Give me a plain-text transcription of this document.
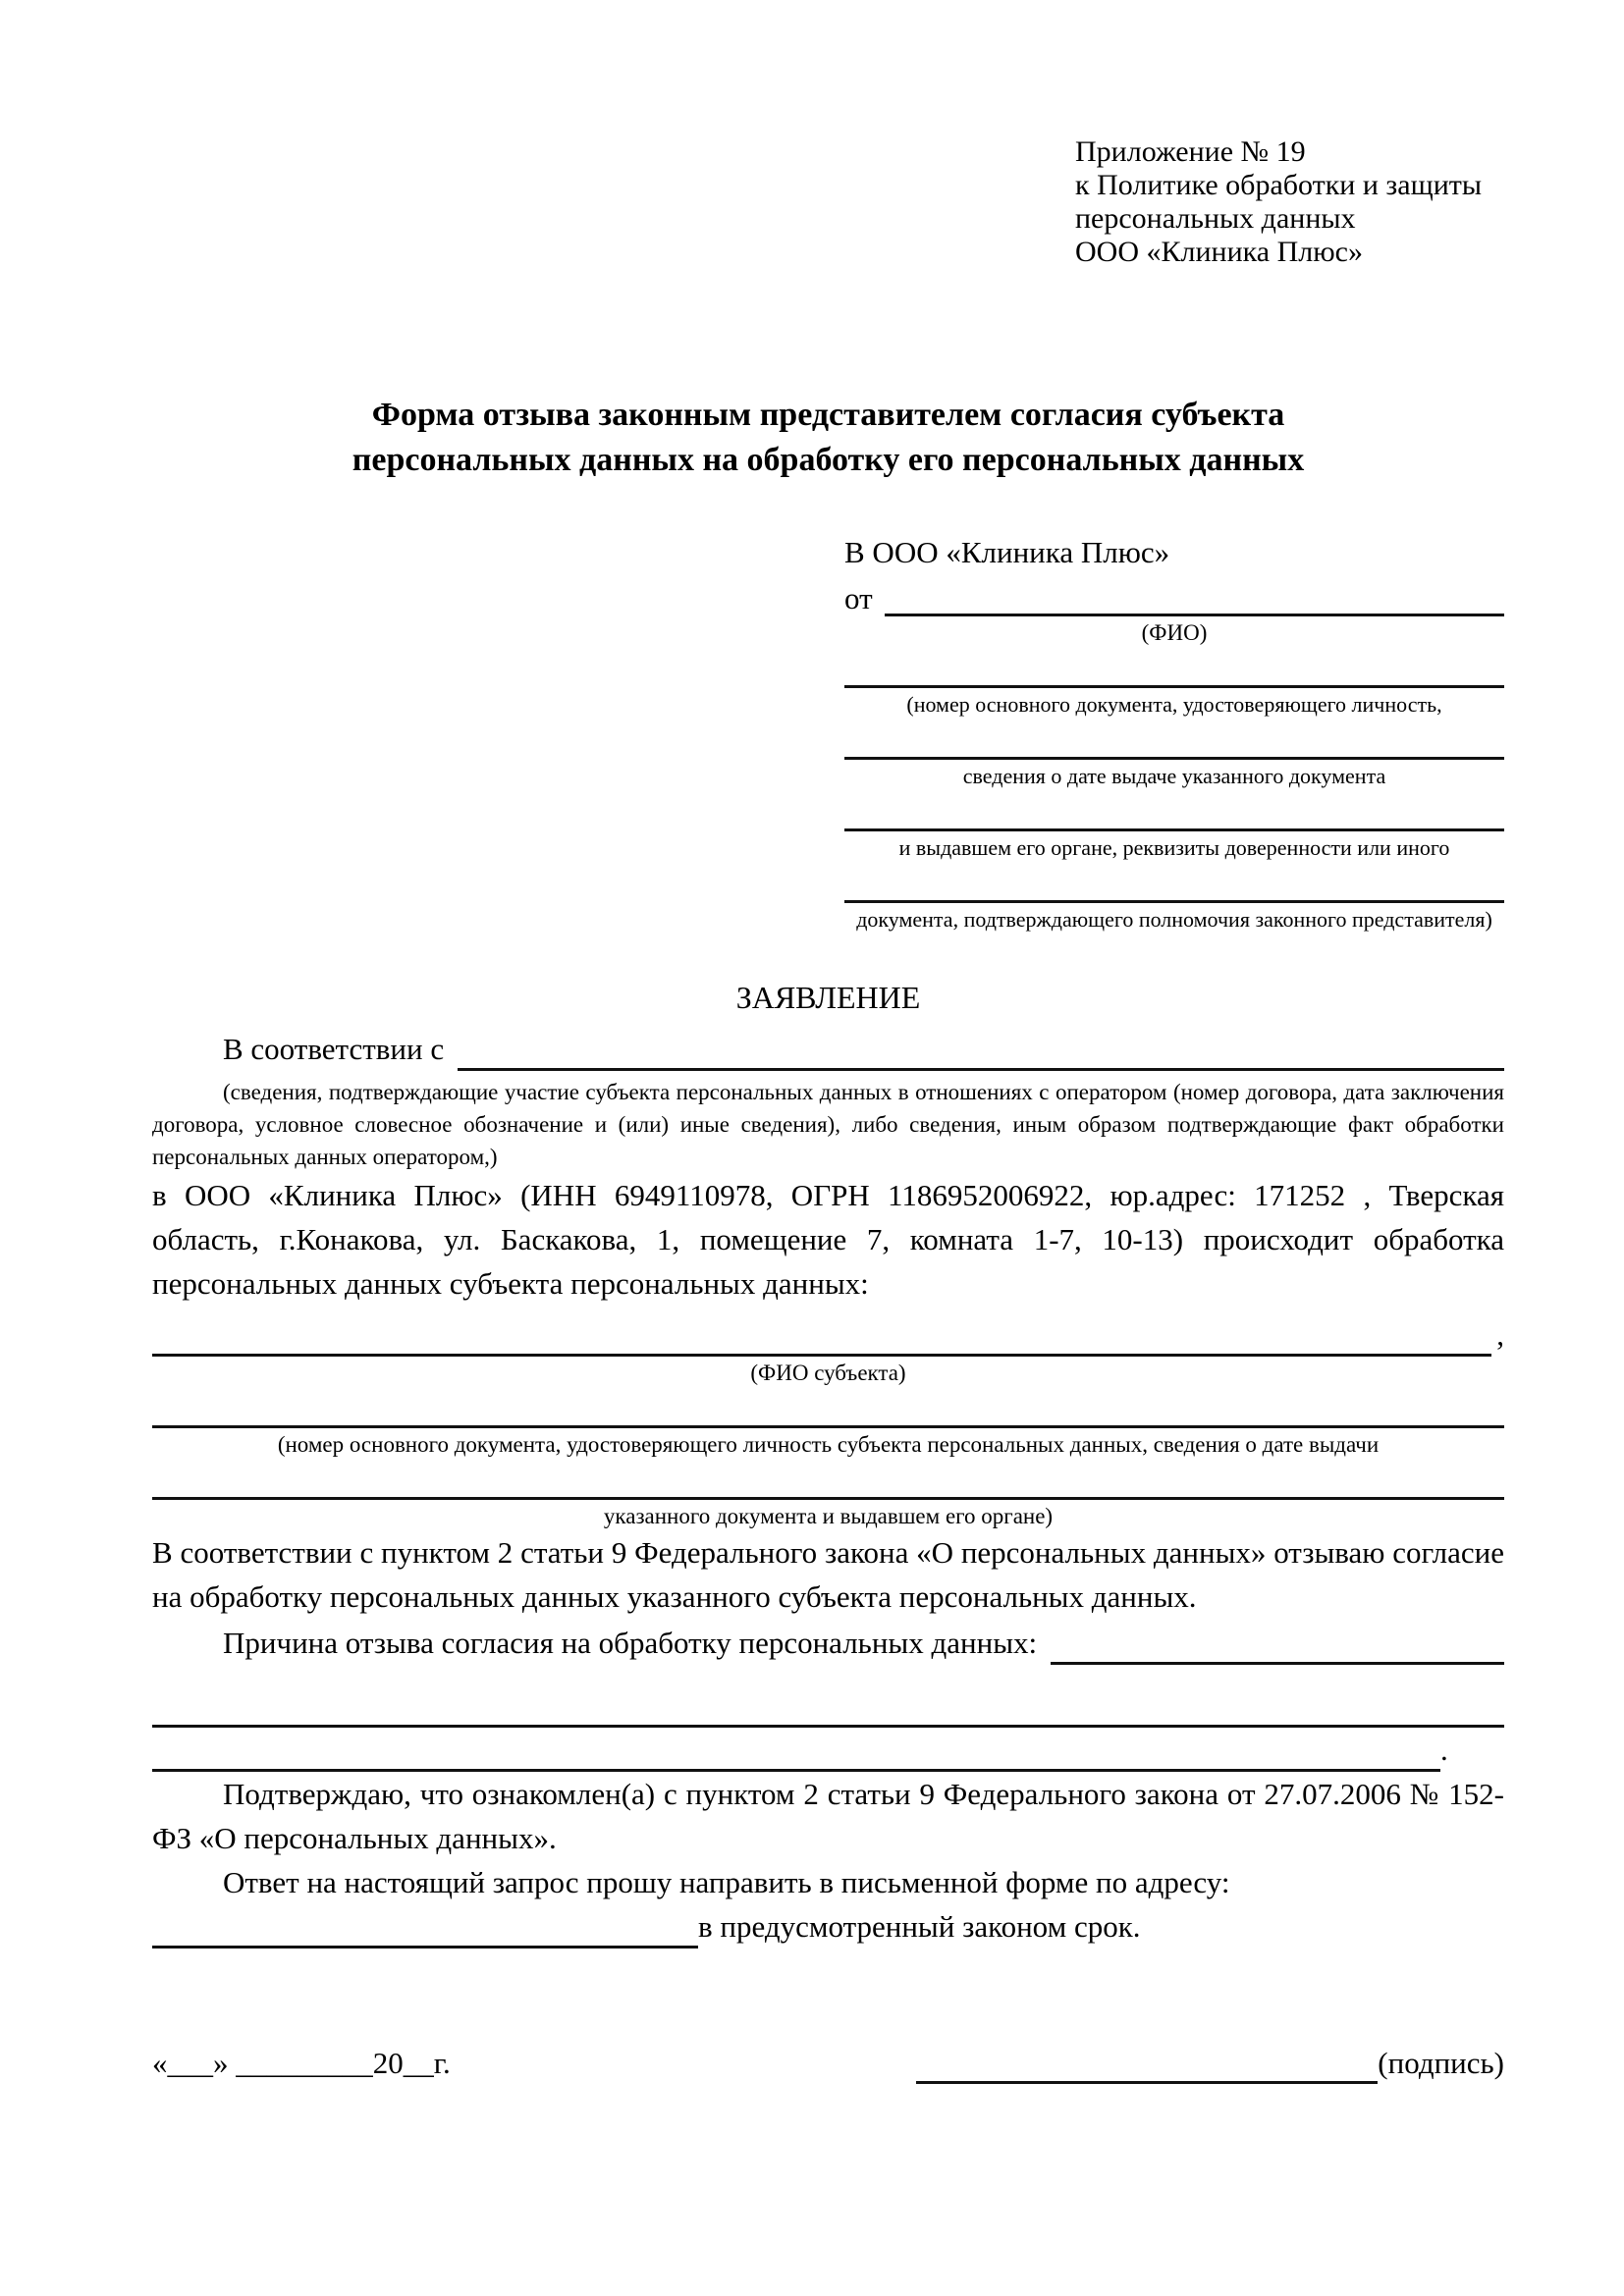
Приложение № 19
к Политике обработки и защиты
персональных данных
ООО «Клиника Плюс»
Форма отзыва законным представителем согласия субъекта персональных данных на обработку его персональных данных
В ООО «Клиника Плюс»
от
(ФИО)
(номер основного документа, удостоверяющего личность,
сведения о дате выдаче указанного документа
и выдавшем его органе, реквизиты доверенности или иного
документа, подтверждающего полномочия законного представителя)
ЗАЯВЛЕНИЕ
В соответствии с
(сведения, подтверждающие участие субъекта персональных данных в отношениях с оператором (номер договора, дата заключения договора, условное словесное обозначение и (или) иные сведения), либо сведения, иным образом подтверждающие факт обработки персональных данных оператором,)
в ООО «Клиника Плюс» (ИНН 6949110978, ОГРН 1186952006922, юр.адрес: 171252 , Тверская область, г.Конакова, ул. Баскакова, 1, помещение 7, комната 1-7, 10-13) происходит обработка персональных данных субъекта персональных данных:
,
(ФИО субъекта)
(номер основного документа, удостоверяющего личность субъекта персональных данных, сведения о дате выдачи
указанного документа и выдавшем его органе)
В соответствии с пунктом 2 статьи 9 Федерального закона «О персональных данных» отзываю согласие на обработку персональных данных указанного субъекта персональных данных.
Причина отзыва согласия на обработку персональных данных:
.
Подтверждаю, что ознакомлен(а) с пунктом 2 статьи 9 Федерального закона от 27.07.2006 № 152-ФЗ «О персональных данных».
Ответ на настоящий запрос прошу направить в письменной форме по адресу:
в предусмотренный законом срок.
«___» _________20__г.	(подпись)
